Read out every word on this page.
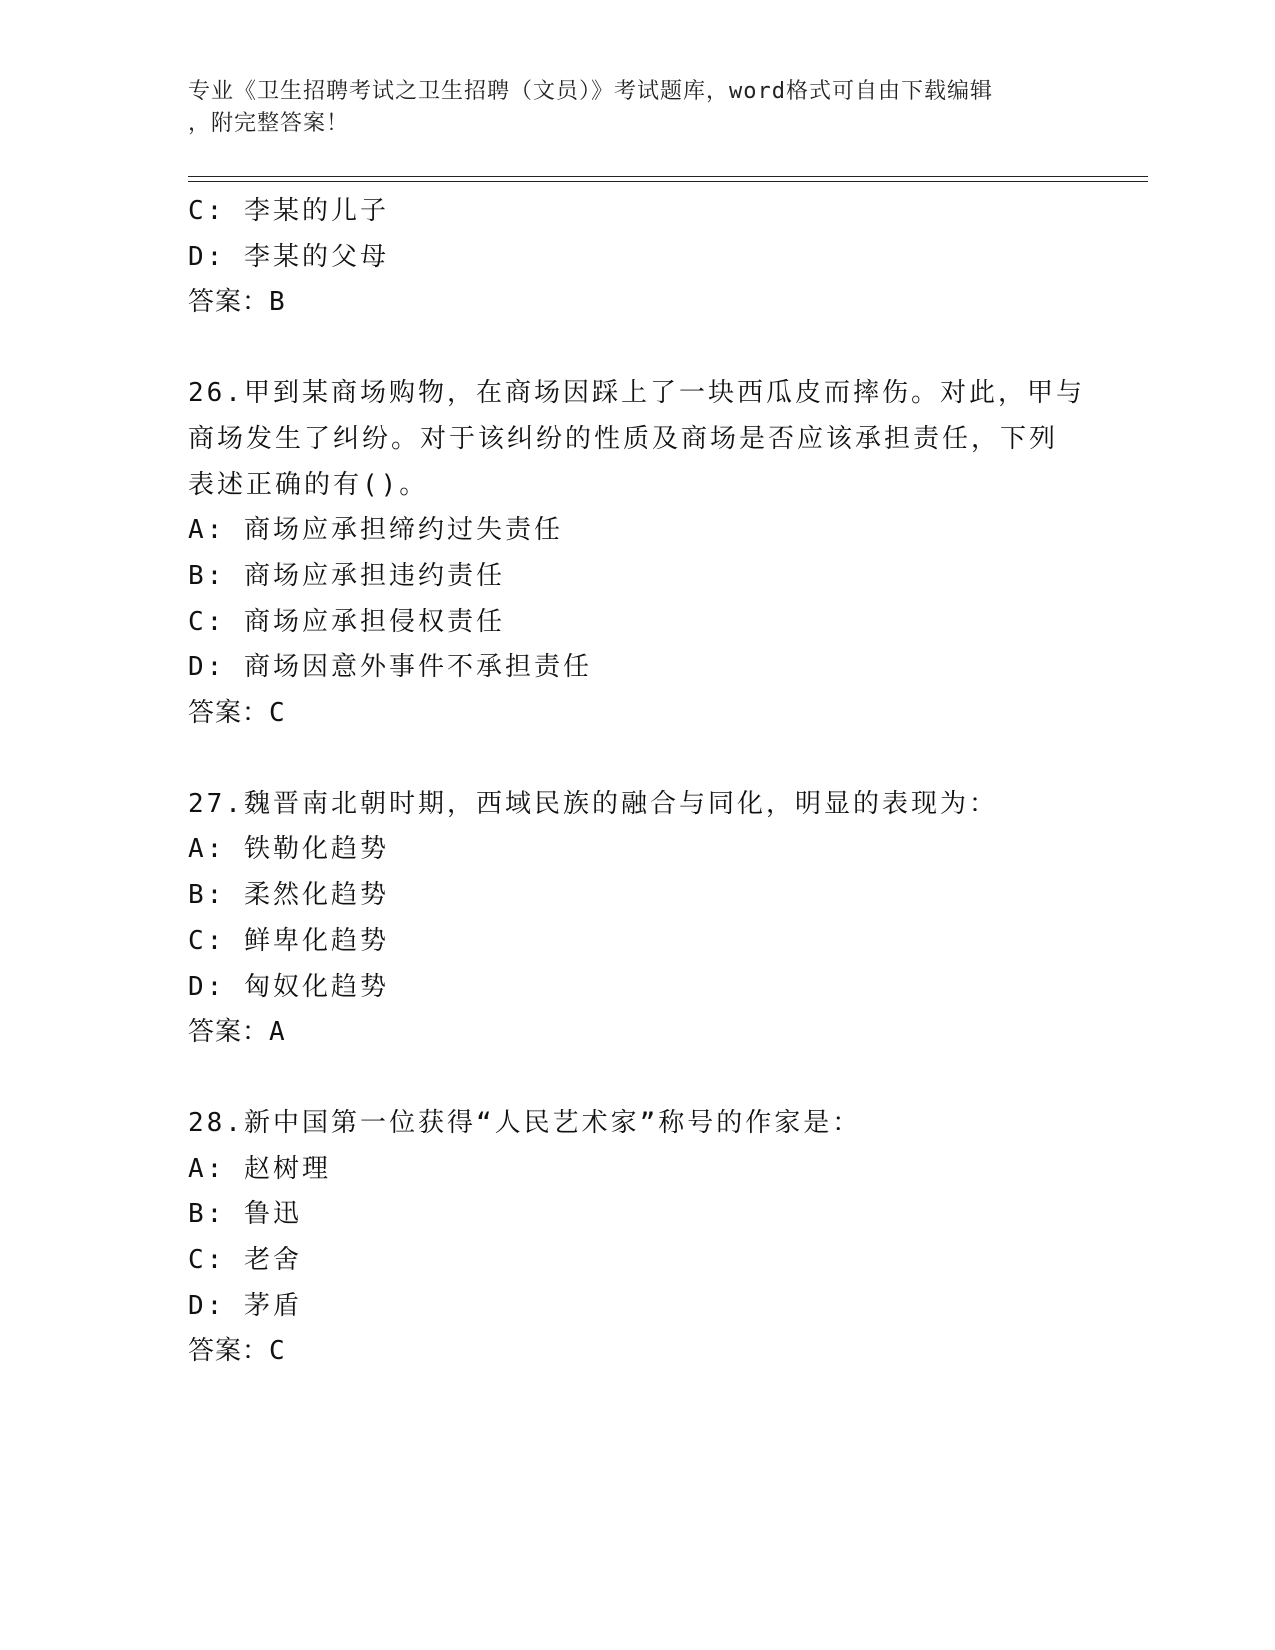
专业《卫生招聘考试之卫生招聘（文员）》考试题库，word格式可自由下载编辑
，附完整答案！
C: 李某的儿子
D: 李某的父母
答案：B
26.甲到某商场购物，在商场因踩上了一块西瓜皮而摔伤。对此，甲与
商场发生了纠纷。对于该纠纷的性质及商场是否应该承担责任，下列
表述正确的有()。
A: 商场应承担缔约过失责任
B: 商场应承担违约责任
C: 商场应承担侵权责任
D: 商场因意外事件不承担责任
答案：C
27.魏晋南北朝时期，西域民族的融合与同化，明显的表现为：
A: 铁勒化趋势
B: 柔然化趋势
C: 鲜卑化趋势
D: 匈奴化趋势
答案：A
28.新中国第一位获得“人民艺术家”称号的作家是：
A: 赵树理
B: 鲁迅
C: 老舍
D: 茅盾
答案：C
